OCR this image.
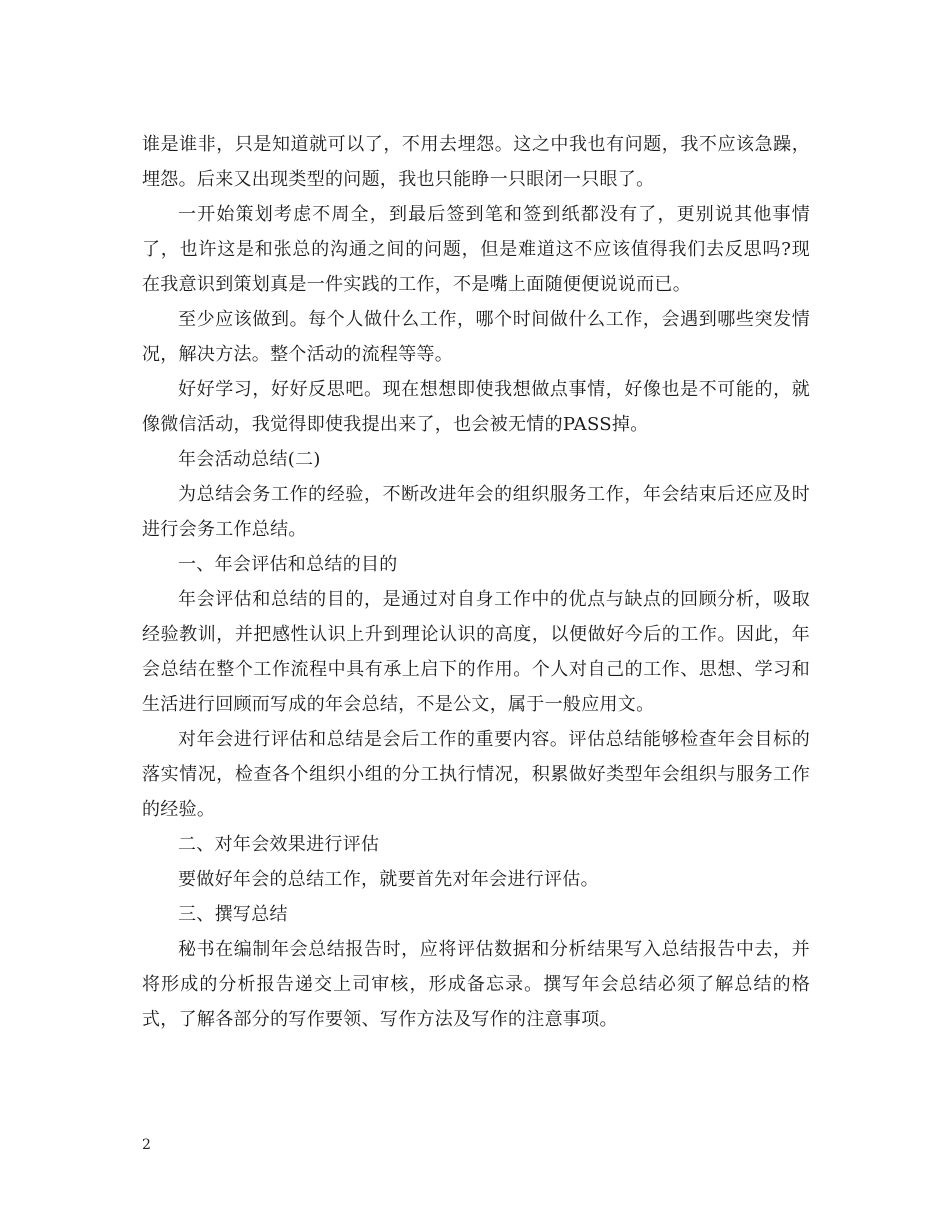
谁是谁非，只是知道就可以了，不用去埋怨。这之中我也有问题，我不应该急躁，埋怨。后来又出现类型的问题，我也只能睁一只眼闭一只眼了。

一开始策划考虑不周全，到最后签到笔和签到纸都没有了，更别说其他事情了，也许这是和张总的沟通之间的问题，但是难道这不应该值得我们去反思吗?现在我意识到策划真是一件实践的工作，不是嘴上面随便便说说而已。

至少应该做到。每个人做什么工作，哪个时间做什么工作，会遇到哪些突发情况，解决方法。整个活动的流程等等。

好好学习，好好反思吧。现在想想即使我想做点事情，好像也是不可能的，就像微信活动，我觉得即使我提出来了，也会被无情的PASS掉。

年会活动总结(二)

为总结会务工作的经验，不断改进年会的组织服务工作，年会结束后还应及时进行会务工作总结。

一、年会评估和总结的目的

年会评估和总结的目的，是通过对自身工作中的优点与缺点的回顾分析，吸取经验教训，并把感性认识上升到理论认识的高度，以便做好今后的工作。因此，年会总结在整个工作流程中具有承上启下的作用。个人对自己的工作、思想、学习和生活进行回顾而写成的年会总结，不是公文，属于一般应用文。

对年会进行评估和总结是会后工作的重要内容。评估总结能够检查年会目标的落实情况，检查各个组织小组的分工执行情况，积累做好类型年会组织与服务工作的经验。

二、对年会效果进行评估

要做好年会的总结工作，就要首先对年会进行评估。

三、撰写总结

秘书在编制年会总结报告时，应将评估数据和分析结果写入总结报告中去，并将形成的分析报告递交上司审核，形成备忘录。撰写年会总结必须了解总结的格式，了解各部分的写作要领、写作方法及写作的注意事项。

2
